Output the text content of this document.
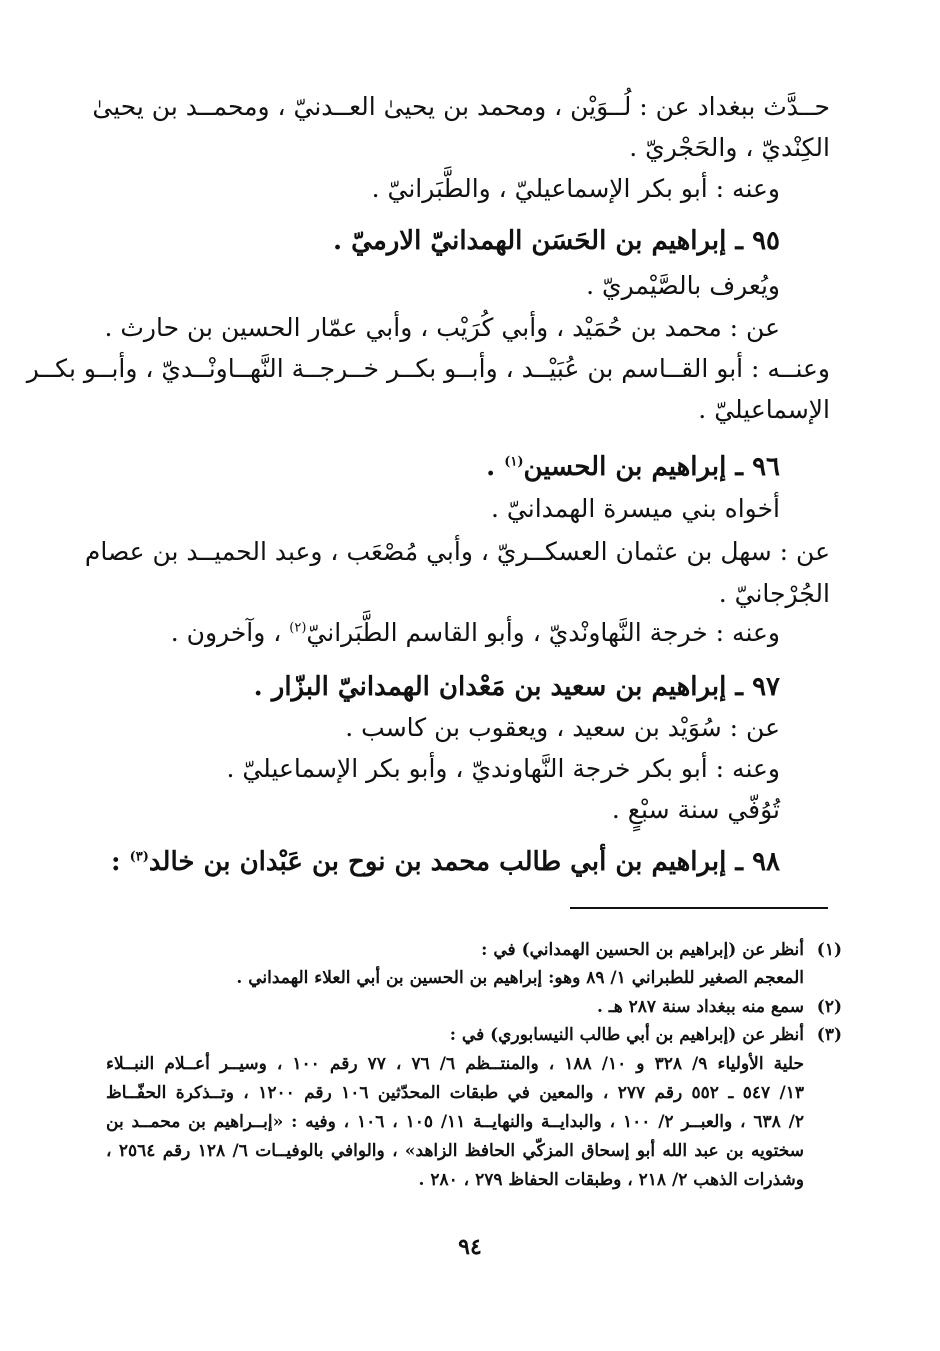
حــدَّث ببغداد عن : لُــوَيْن ، ومحمد بن يحيىٰ العــدنيّ ، ومحمــد بن يحيىٰ
الكِنْديّ ، والحَجْريّ .
وعنه : أبو بكر الإسماعيليّ ، والطَّبَرانيّ .
٩٥ ـ إبراهيم بن الحَسَن الهمدانيّ الارميّ .
ويُعرف بالصَّيْمريّ .
عن : محمد بن حُمَيْد ، وأبي كُرَيْب ، وأبي عمّار الحسين بن حارث .
وعنــه : أبو القــاسم بن عُبَيْــد ، وأبــو بكــر خــرجــة النَّهــاونْــديّ ، وأبــو بكــر
الإسماعيليّ .
٩٦ ـ إبراهيم بن الحسين$^{(١)}$ .
أخواه بني ميسرة الهمدانيّ .
عن : سهل بن عثمان العسكــريّ ، وأبي مُصْعَب ، وعبد الحميــد بن عصام
الجُرْجانيّ .
وعنه : خرجة النَّهاونْديّ ، وأبو القاسم الطَّبَرانيّ$^{(٢)}$ ، وآخرون .
٩٧ ـ إبراهيم بن سعيد بن مَعْدان الهمدانيّ البزّار .
عن : سُوَيْد بن سعيد ، ويعقوب بن كاسب .
وعنه : أبو بكر خرجة النَّهاونديّ ، وأبو بكر الإسماعيليّ .
تُوُفّي سنة سبْعٍ .
٩٨ ـ إبراهيم بن أبي طالب محمد بن نوح بن عَبْدان بن خالد$^{(٣)}$ :
(١)أنظر عن (إبراهيم بن الحسين الهمداني) في :
المعجم الصغير للطبراني ١/ ٨٩ وهو: إبراهيم بن الحسين بن أبي العلاء الهمداني .
(٢)سمع منه ببغداد سنة ٢٨٧ هـ .
(٣)أنظر عن (إبراهيم بن أبي طالب النيسابوري) في :
حلية الأولياء ٩/ ٣٢٨ و ١٠/ ١٨٨ ، والمنتــظم ٦/ ٧٦ ، ٧٧ رقم ١٠٠ ، وسيــر أعــلام النبــلاء
١٣/ ٥٤٧ ـ ٥٥٢ رقم ٢٧٧ ، والمعين في طبقات المحدّثين ١٠٦ رقم ١٢٠٠ ، وتــذكرة الحفّــاظ
٢/ ٦٣٨ ، والعبــر ٢/ ١٠٠ ، والبدايــة والنهايــة ١١/ ١٠٥ ، ١٠٦ ، وفيه : «إبــراهيم بن محمــد بن
سختويه بن عبد الله أبو إسحاق المزكّي الحافظ الزاهد» ، والوافي بالوفيــات ٦/ ١٢٨ رقم ٢٥٦٤ ،
وشذرات الذهب ٢/ ٢١٨ ، وطبقات الحفاظ ٢٧٩ ، ٢٨٠ .
٩٤
